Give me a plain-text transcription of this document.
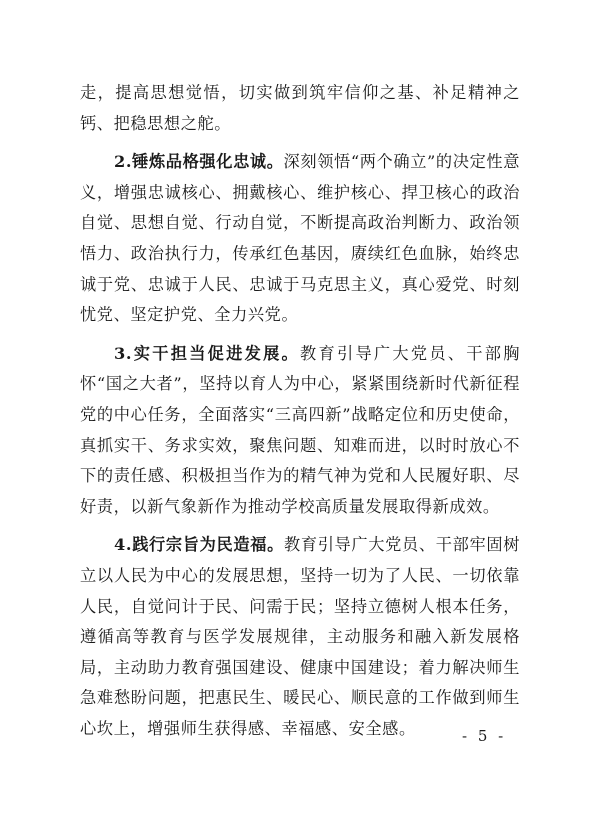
走，提高思想觉悟，切实做到筑牢信仰之基、补足精神之钙、把稳思想之舵。

2.锤炼品格强化忠诚。深刻领悟“两个确立”的决定性意义，增强忠诚核心、拥戴核心、维护核心、捍卫核心的政治自觉、思想自觉、行动自觉，不断提高政治判断力、政治领悟力、政治执行力，传承红色基因，赓续红色血脉，始终忠诚于党、忠诚于人民、忠诚于马克思主义，真心爱党、时刻忧党、坚定护党、全力兴党。

3.实干担当促进发展。教育引导广大党员、干部胸怀“国之大者”，坚持以育人为中心，紧紧围绕新时代新征程党的中心任务，全面落实“三高四新”战略定位和历史使命，真抓实干、务求实效，聚焦问题、知难而进，以时时放心不下的责任感、积极担当作为的精气神为党和人民履好职、尽好责，以新气象新作为推动学校高质量发展取得新成效。

4.践行宗旨为民造福。教育引导广大党员、干部牢固树立以人民为中心的发展思想，坚持一切为了人民、一切依靠人民，自觉问计于民、问需于民；坚持立德树人根本任务，遵循高等教育与医学发展规律，主动服务和融入新发展格局，主动助力教育强国建设、健康中国建设；着力解决师生急难愁盼问题，把惠民生、暖民心、顺民意的工作做到师生心坎上，增强师生获得感、幸福感、安全感。	- 5 -
